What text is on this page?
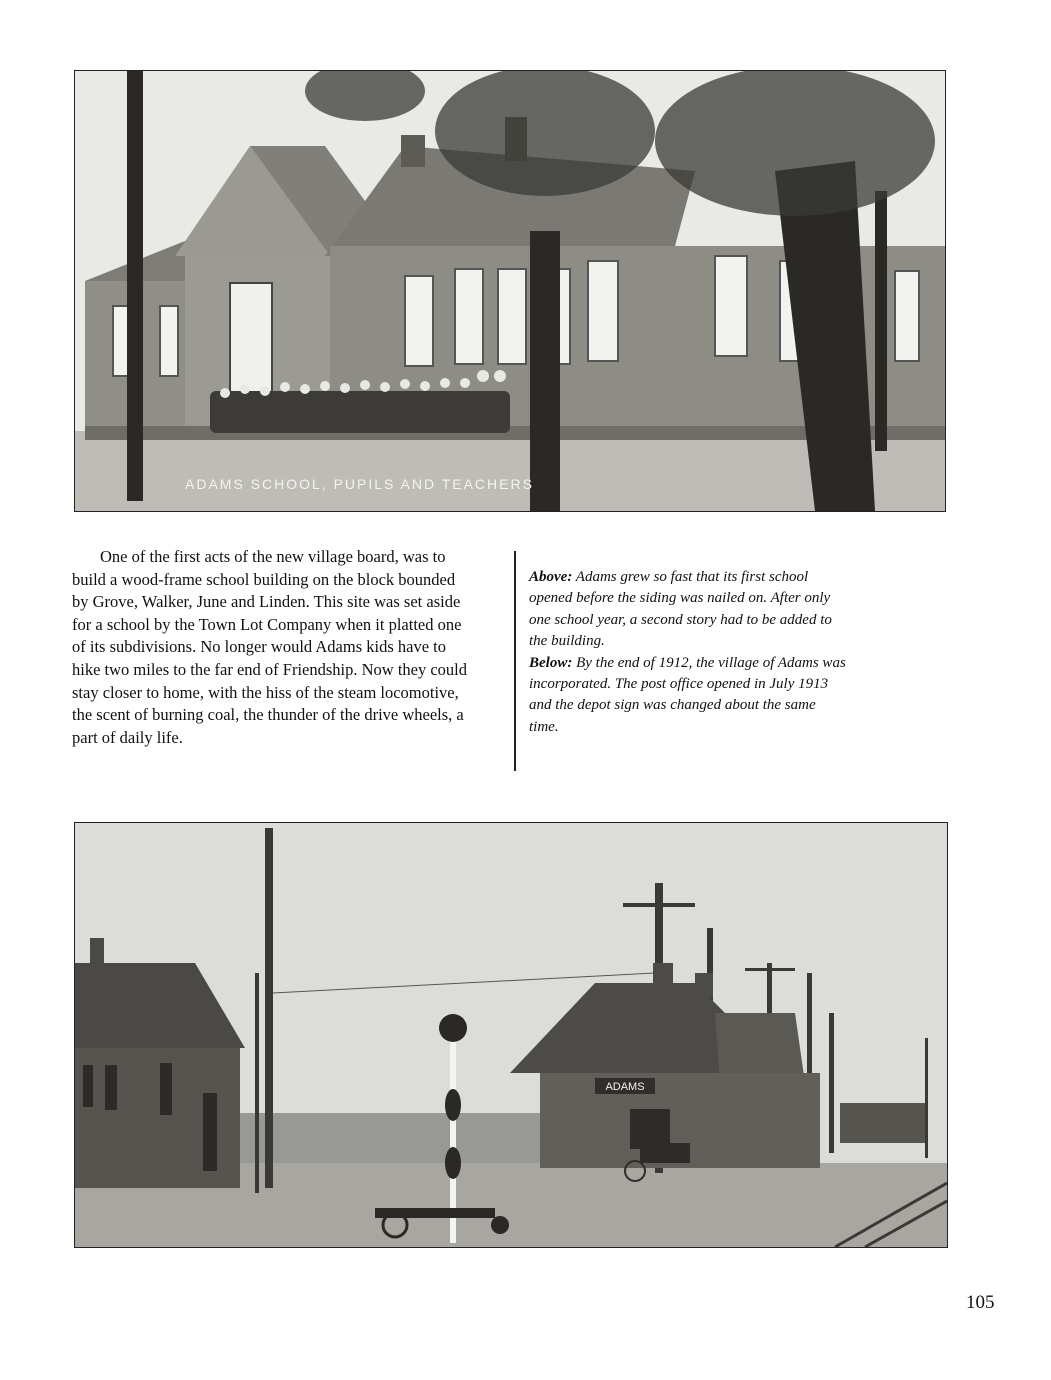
ADAMS SCHOOL, PUPILS AND TEACHERS

One of the first acts of the new village board, was to build a wood-frame school building on the block bounded by Grove, Walker, June and Linden. This site was set aside for a school by the Town Lot Company when it platted one of its subdivisions. No longer would Adams kids have to hike two miles to the far end of Friendship. Now they could stay closer to home, with the hiss of the steam locomotive, the scent of burning coal, the thunder of the drive wheels, a part of daily life.

Above: Adams grew so fast that its first school opened before the siding was nailed on. After only one school year, a second story had to be added to the building.

Below: By the end of 1912, the village of Adams was incorporated. The post office opened in July 1913 and the depot sign was changed about the same time.

ADAMS
105
